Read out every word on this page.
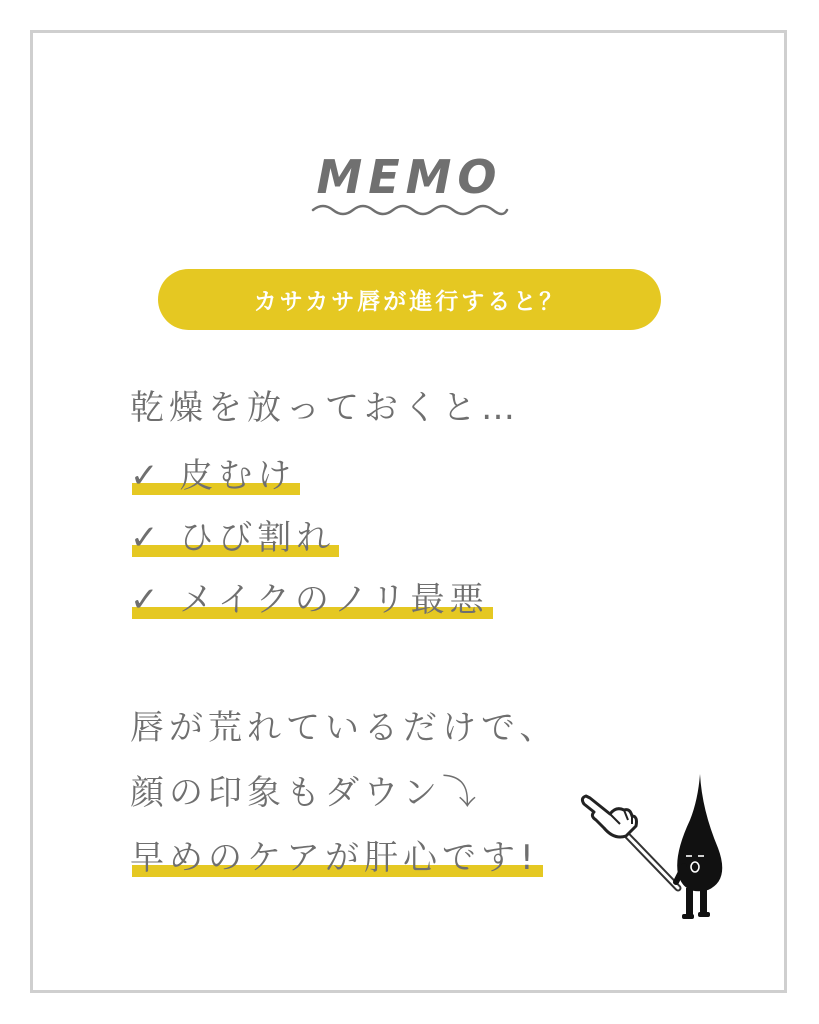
MEMO
カサカサ唇が進行すると？
乾燥を放っておくと…
✓ 皮むけ
✓ ひび割れ
✓ メイクのノリ最悪
唇が荒れているだけで、
顔の印象もダウン⤵
早めのケアが肝心です!
